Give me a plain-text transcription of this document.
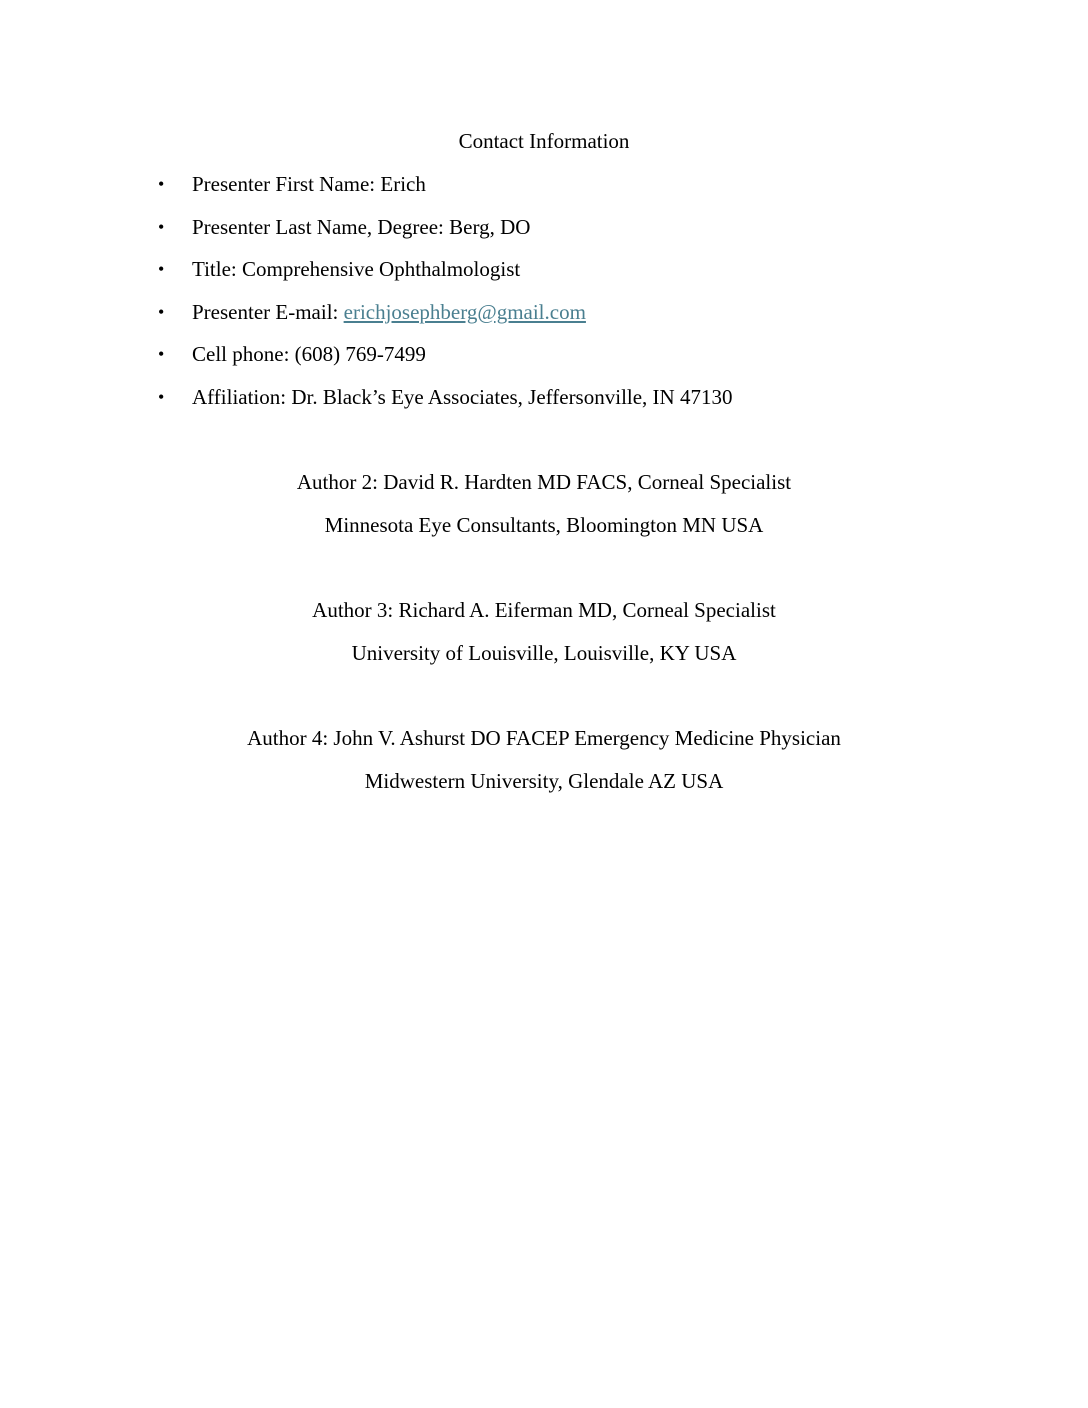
Contact Information
• Presenter First Name: Erich
• Presenter Last Name, Degree: Berg, DO
• Title: Comprehensive Ophthalmologist
• Presenter E-mail: erichjosephberg@gmail.com
• Cell phone: (608) 769-7499
• Affiliation: Dr. Black’s Eye Associates, Jeffersonville, IN 47130
Author 2: David R. Hardten MD FACS, Corneal Specialist
Minnesota Eye Consultants, Bloomington MN USA
Author 3: Richard A. Eiferman MD, Corneal Specialist
University of Louisville, Louisville, KY USA
Author 4: John V. Ashurst DO FACEP Emergency Medicine Physician
Midwestern University, Glendale AZ USA
